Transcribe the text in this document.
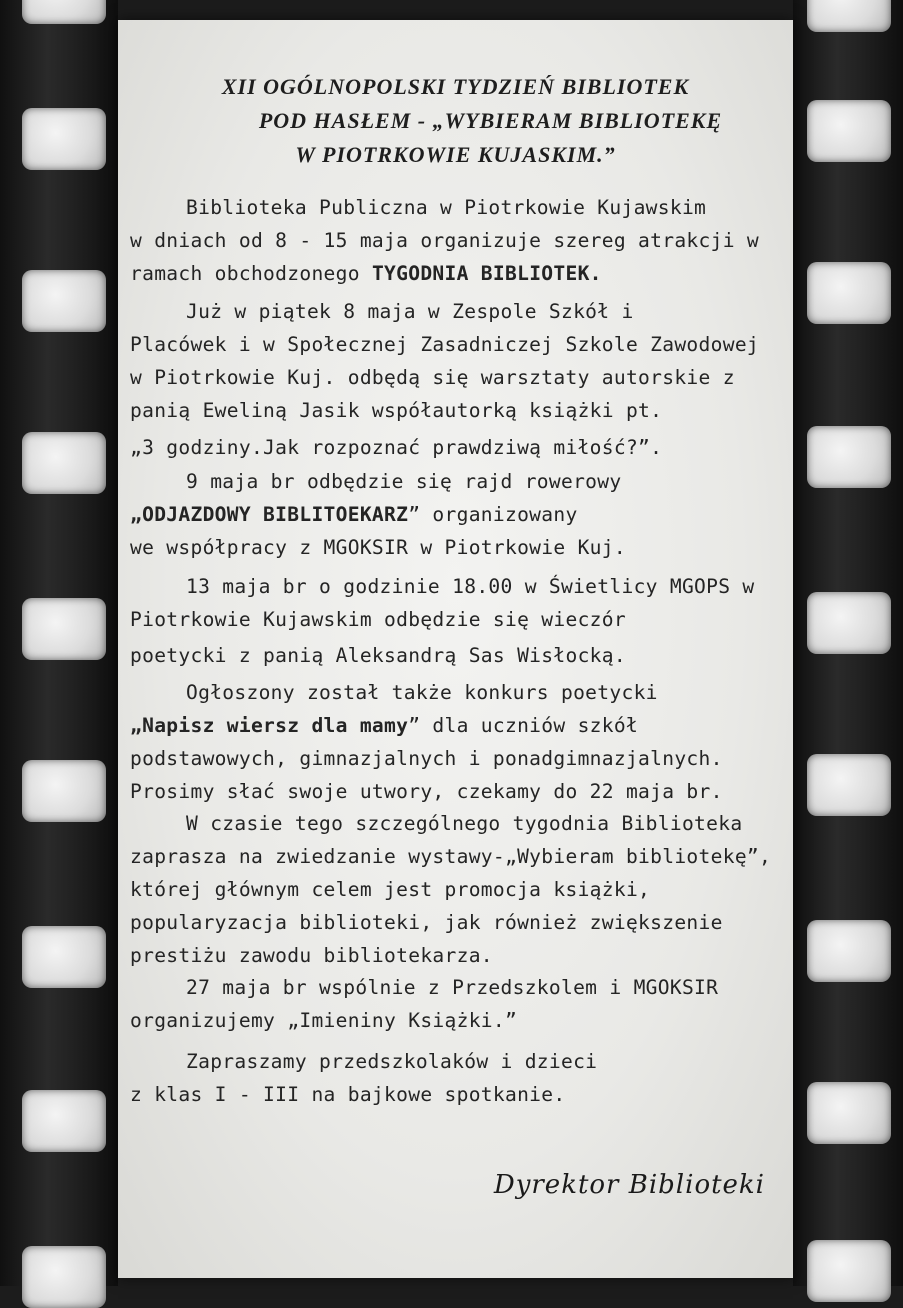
XII OGÓLNOPOLSKI TYDZIEŃ BIBLIOTEK
POD HASŁEM - „WYBIERAM BIBLIOTEKĘ
W PIOTRKOWIE KUJASKIM.”
Biblioteka Publiczna w Piotrkowie Kujawskim
w dniach od 8 - 15 maja organizuje szereg atrakcji w
ramach obchodzonego TYGODNIA BIBLIOTEK.
Już w piątek 8 maja w Zespole Szkół i
Placówek i w Społecznej Zasadniczej Szkole Zawodowej
w Piotrkowie Kuj. odbędą się warsztaty autorskie z
panią Eweliną Jasik współautorką książki pt.
„3 godziny.Jak rozpoznać prawdziwą miłość?”.
9 maja br odbędzie się rajd rowerowy
„ODJAZDOWY BIBLITOEKARZ” organizowany
we współpracy z MGOKSIR w Piotrkowie Kuj.
13 maja br o godzinie 18.00 w Świetlicy MGOPS w
Piotrkowie Kujawskim odbędzie się wieczór
poetycki z panią Aleksandrą Sas Wisłocką.
Ogłoszony został także konkurs poetycki
„Napisz wiersz dla mamy” dla uczniów szkół
podstawowych, gimnazjalnych i ponadgimnazjalnych.
Prosimy słać swoje utwory, czekamy do 22 maja br.
W czasie tego szczególnego tygodnia Biblioteka
zaprasza na zwiedzanie wystawy-„Wybieram bibliotekę”,
której głównym celem jest promocja książki,
popularyzacja biblioteki, jak również zwiększenie
prestiżu zawodu bibliotekarza.
27 maja br wspólnie z Przedszkolem i MGOKSIR
organizujemy „Imieniny Książki.”
Zapraszamy przedszkolaków i dzieci
z klas I - III na bajkowe spotkanie.
Dyrektor Biblioteki
